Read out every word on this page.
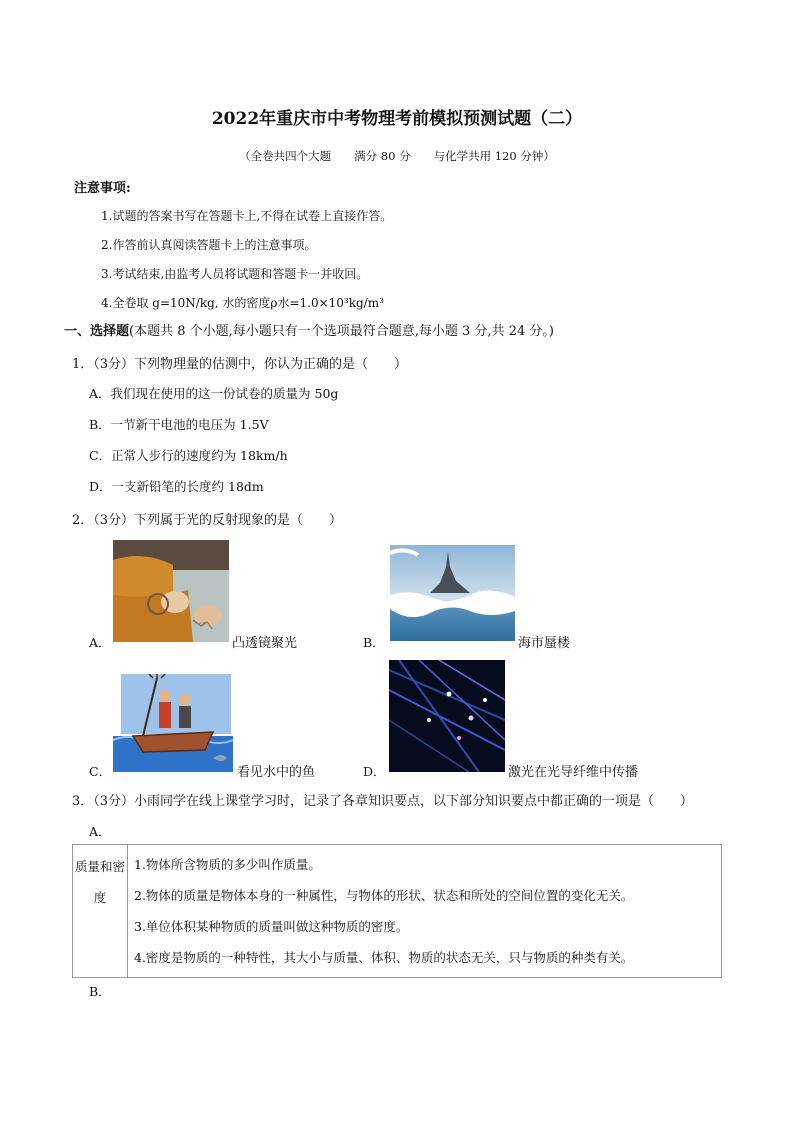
2022年重庆市中考物理考前模拟预测试题（二）
（全卷共四个大题　　满分 80 分　　与化学共用 120 分钟）
注意事项:
1.试题的答案书写在答题卡上,不得在试卷上直接作答。
2.作答前认真阅读答题卡上的注意事项。
3.考试结束,由监考人员将试题和答题卡一并收回。
4.全卷取 g=10N/kg, 水的密度ρ水=1.0×10³kg/m³
一、选择题(本题共 8 个小题,每小题只有一个选项最符合题意,每小题 3 分,共 24 分。)
1．（3分）下列物理量的估测中，你认为正确的是（　　）
A．我们现在使用的这一份试卷的质量为 50g
B．一节新干电池的电压为 1.5V
C．正常人步行的速度约为 18km/h
D．一支新铅笔的长度约 18dm
2．（3分）下列属于光的反射现象的是（　　）
A．	凸透镜聚光	B．	海市蜃楼
C．	看见水中的鱼	D．	激光在光导纤维中传播
3．（3分）小雨同学在线上课堂学习时，记录了各章知识要点，以下部分知识要点中都正确的一项是（　　）
A．
质量和密度	
1.物体所含物质的多少叫作质量。
2.物体的质量是物体本身的一种属性，与物体的形状、状态和所处的空间位置的变化无关。
3.单位体积某种物质的质量叫做这种物质的密度。
4.密度是物质的一种特性，其大小与质量、体积、物质的状态无关，只与物质的种类有关。
B．
